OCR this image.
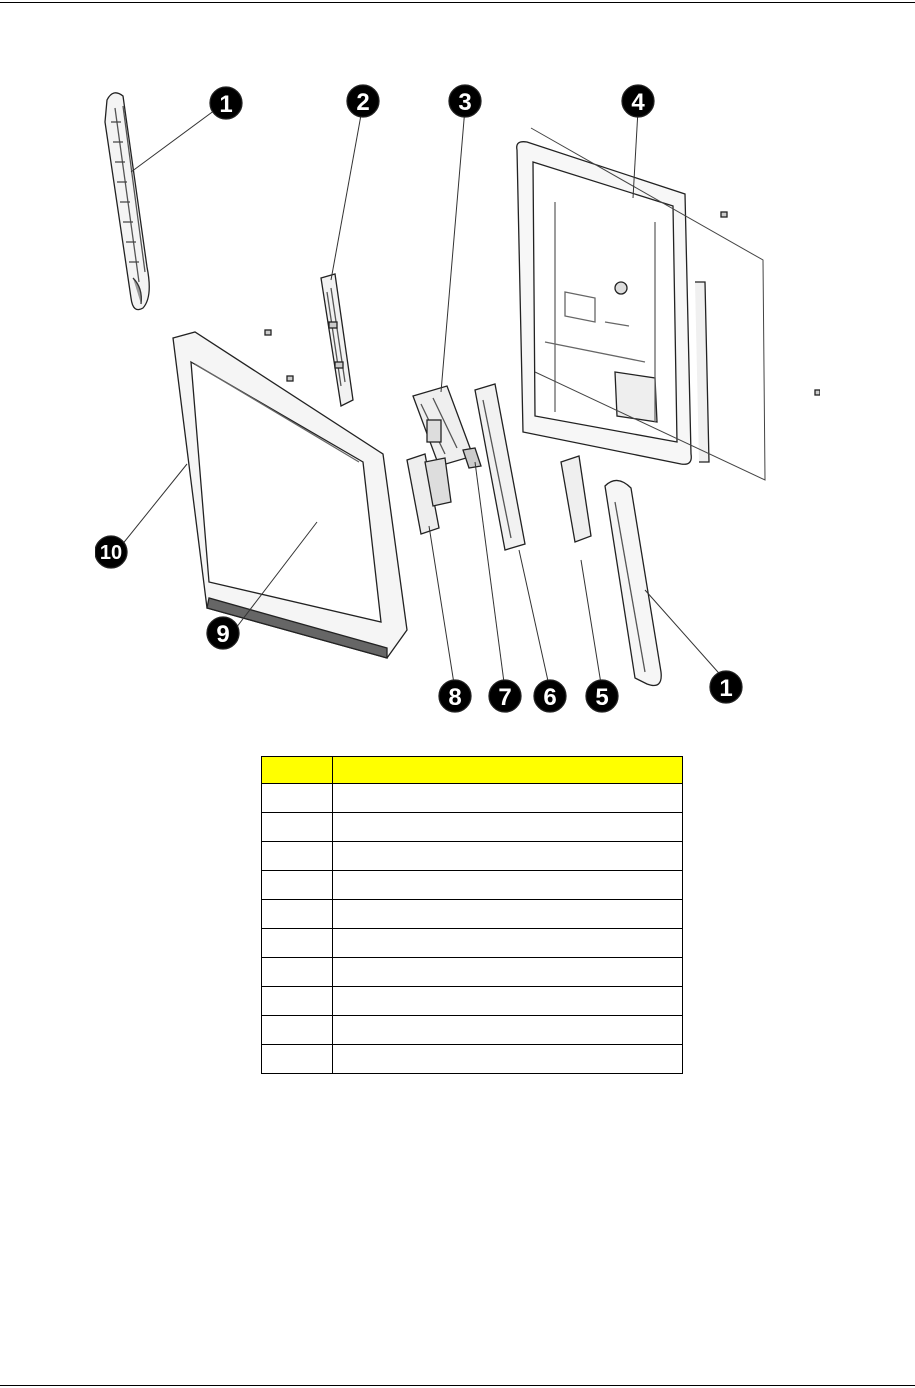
1	2	3	4
1
5
6
7
8
9
10
